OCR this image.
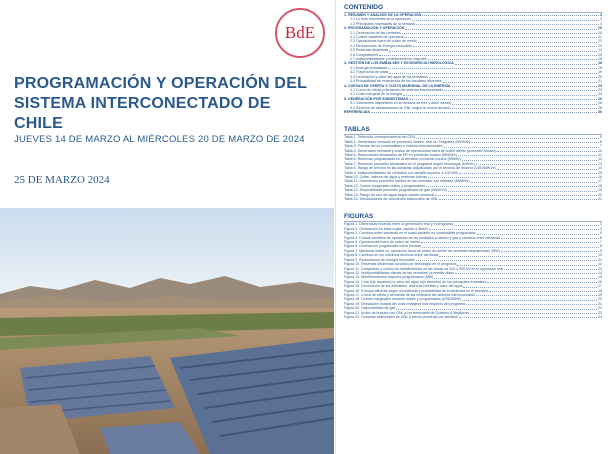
BdE
PROGRAMACIÓN Y OPERACIÓN DEL SISTEMA INTERCONECTADO DE CHILE
JUEVES 14 DE MARZO AL MIÉRCOLES 20 DE MARZO DE 2024
25 DE MARZO 2024
CONTENIDO
1. RESUMEN Y ANÁLISIS DE LA OPERACIÓN	3
1.1 Lo más relevantes de la operación	3
1.2 Principales novedades de la semana	3
2. PROGRAMACIÓN Y OPERACIÓN	10
2.1 Generación de las centrales	10
2.2 Costos variables de operación	11
2.3 Operaciones fuera de orden de mérito	12
2.4 Reducciones de Energía renovable	13
2.5 Reservas dinámicas	14
2.6 Congestiones	15
2.7 Indisponibilidades y mantenimiento mayores	16
3. GESTIÓN DE LOS EMBALSES Y EXCEDENCIA HIDROLÓGICA	18
3.1 Energía embalsada	18
3.2 Trayectoria de cotas	19
3.3 Generación y valor del agua de los embalses	20
3.4 Probabilidad de excedencia de los caudales afluentes	21
4. CURVAS DE OFERTA Y COSTO MARGINAL DE LA ENERGÍA	23
4.1 Curva de oferta y demanda del sistema interconectado	23
4.2 Costo marginal de la energía	24
5. GENERACIÓN POR SUBSISTEMAS	26
5.1 Volúmenes disponibles en la ventana de tres y doce meses	26
5.2 Revisión de declaraciones de GNL según la norma técnica	28
REFERENCIAS	30
TABLAS
Tabla 1. Selección correspondencia del CEN	5
Tabla 2. Generación semanal en promedio horario: real vs. Programa (MWh/hr)	6
Tabla 3. Precios de los combustibles e índices internacionales	7
Tabla 4. Generación semanal y costos de operaciones fuera de orden mérito (promedio horario)	10
Tabla 5. Reducciones semanales de ER en promedio horario (MWh/hr)	11
Tabla 6. Reservas programadas en la semana: promedio horario (MW/hr)	12
Tabla 7. Reservas promedio semanales en el programa según tecnología (MW/hr)	13
Tabla 8. Rango de precios en las subastas adjudicadas por el servicio de reserva (USD/MW-hr)	14
Tabla 9. Indisponibilidades de centrales con tamaño superior a 100 MW	15
Tabla 10. Cotas, valores del agua y reservas futuras	16
Tabla 11. Generación promedio horaria de las centrales con embalse (MWh/hr)	17
Tabla 12. Costos marginales reales y programados	18
Tabla 13. Disponibilidad promedio programada de gas (MMm³/d)	19
Tabla 14. Rango de uso del agua según estado semanal	20
Tabla 15. Declaraciones de volúmenes adicionales de GNL	21
FIGURAS
Figura 1. Diferencias horarias entre la generación real y el programa	3
Figura 2. Generación en base a gas, carbón y diésel	4
Figura 3. Cambios entre semanas en el costo variable no combustible programado	5
Figura 4. Costos variables de operación de las unidades a carbón y gas y cambios entre semanas	6
Figura 5. Operaciones fuera de orden de mérito	7
Figura 6. Generación programada como forzada	8
Figura 7. Máximos reales vs. operación fuera de orden de mérito de centrales despachadas (MW)	9
Figura 8. Cambios en los máximos técnicos entre semanas	10
Figura 9. Reducciones de energía renovable	11
Figura 10. Reservas dinámicas horarias por tecnología en el programa	12
Figura 11. Congestión y control de transferencias en las líneas de 220 y 500 kV en la operación real	13
Figura 12. Indisponibilidades diarias de las centrales: promedio diario	14
Figura 13. Mantenimientos mayores programados (MW)	15
Figura 14. Cota (eje izquierdo) y valor del agua (eje derecho) de los principales embalses	16
Figura 15. Generación de los embalses, reservas hídricas y valor del agua	17
Figura 16. Energía afluente según excedencia y probabilidad de excedencia en el deshielo	18
Figura 17. Curva de oferta y demanda de las centrales del sistema interconectado	19
Figura 18. Costos marginales horarios reales y programados (USD/MWh)	20
Figura 19. Desviación horaria del costo marginal real respecto del programa	21
Figura 20. Disponibilidad de gas	22
Figura 21. Arribo de buques con GNL a los terminales de Quintero y Mejillones	23
Figura 22. Compras adicionales de GNL y precio promedio por semana	24
